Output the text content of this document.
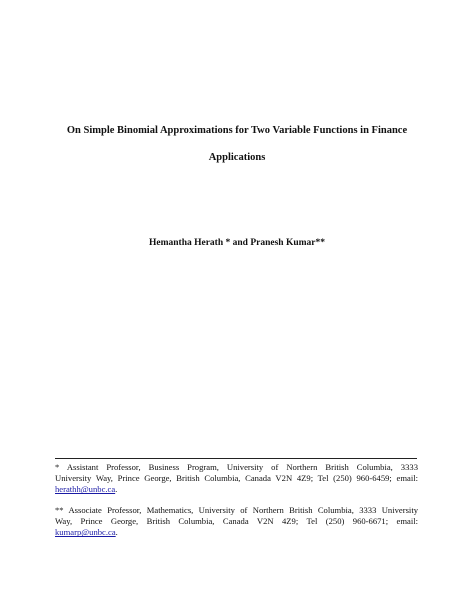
On Simple Binomial Approximations for Two Variable Functions in Finance
Applications
Hemantha Herath * and Pranesh Kumar**
* Assistant Professor, Business Program, University of Northern British Columbia, 3333
University Way, Prince George, British Columbia, Canada V2N 4Z9; Tel (250) 960-6459; email:
herathh@unbc.ca.
** Associate Professor, Mathematics, University of Northern British Columbia, 3333 University
Way, Prince George, British Columbia, Canada V2N 4Z9; Tel (250) 960-6671; email:
kumarp@unbc.ca.
